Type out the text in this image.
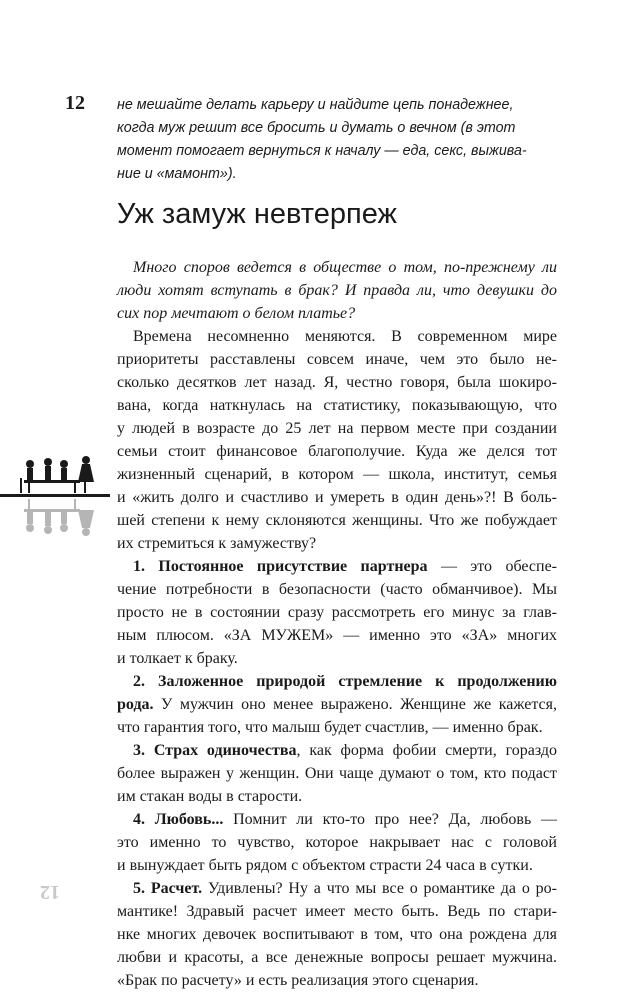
12 не мешайте делать карьеру и найдите цепь понадежнее,
когда муж решит все бросить и думать о вечном (в этот
момент помогает вернуться к началу — еда, секс, выжива-
ние и «мамонт»).
Уж замуж невтерпеж
Много споров ведется в обществе о том, по-прежнему ли
люди хотят вступать в брак? И правда ли, что девушки до
сих пор мечтают о белом платье?
Времена несомненно меняются. В современном мире
приоритеты расставлены совсем иначе, чем это было не-
сколько десятков лет назад. Я, честно говоря, была шокиро-
вана, когда наткнулась на статистику, показывающую, что
у людей в возрасте до 25 лет на первом месте при создании
семьи стоит финансовое благополучие. Куда же делся тот
жизненный сценарий, в котором — школа, институт, семья
и «жить долго и счастливо и умереть в один день»?! В боль-
шей степени к нему склоняются женщины. Что же побуждает
их стремиться к замужеству?
1. Постоянное присутствие партнера — это обеспе-
чение потребности в безопасности (часто обманчивое). Мы
просто не в состоянии сразу рассмотреть его минус за глав-
ным плюсом. «ЗА МУЖЕМ» — именно это «ЗА» многих
и толкает к браку.
2. Заложенное природой стремление к продолжению
рода. У мужчин оно менее выражено. Женщине же кажется,
что гарантия того, что малыш будет счастлив, — именно брак.
3. Страх одиночества, как форма фобии смерти, гораздо
более выражен у женщин. Они чаще думают о том, кто подаст
им стакан воды в старости.
4. Любовь... Помнит ли кто-то про нее? Да, любовь —
это именно то чувство, которое накрывает нас с головой
и вынуждает быть рядом с объектом страсти 24 часа в сутки.
5. Расчет. Удивлены? Ну а что мы все о романтике да о ро-
мантике! Здравый расчет имеет место быть. Ведь по стари-
нке многих девочек воспитывают в том, что она рождена для
любви и красоты, а все денежные вопросы решает мужчина.
«Брак по расчету» и есть реализация этого сценария.
12
